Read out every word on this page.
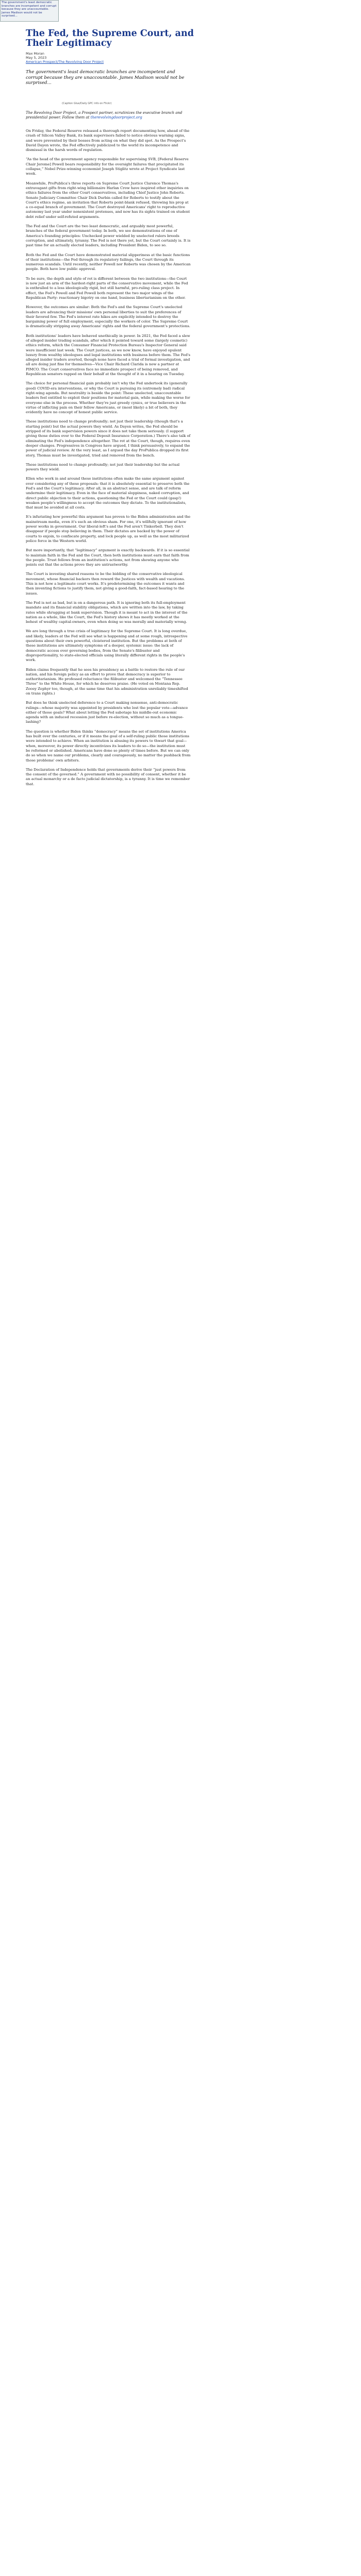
The government's least democratic branches are incompetent and corrupt because they are unaccountable. James Madison would not be surprised...
The Fed, the Supreme Court, and Their Legitimacy
Max Moran
May 5, 2023
American Prospect/The Revolving Door Project
The government's least democratic branches are incompetent and corrupt because they are unaccountable. James Madison would not be surprised...
(Caption Glue/Daily GPC info on Flickr)
The Revolving Door Project, a Prospect partner, scrutinizes the executive branch and presidential power. Follow them at therevolvingdoorproject.org

On Friday, the Federal Reserve released a thorough report documenting how, ahead of the crash of Silicon Valley Bank, its bank supervisors failed to notice obvious warning signs, and were prevented by their bosses from acting on what they did spot. As the Prospect's David Dayen wrote, the Fed effectively publicized to the world its incompetence and dismissal in the harsh words of regulation.

“As the head of the government agency responsible for supervising SVB, [Federal Reserve Chair Jerome] Powell bears responsibility for the oversight failures that precipitated its collapse,” Nobel Prize-winning economist Joseph Stiglitz wrote at Project Syndicate last week.

Meanwhile, ProPublica's three reports on Supreme Court Justice Clarence Thomas's extravagant gifts from right-wing billionaire Harlan Crow have inspired other inquiries on ethics failures from the other Court conservatives, including Chief Justice John Roberts. Senate Judiciary Committee Chair Dick Durbin called for Roberts to testify about the Court's ethics regime, an invitation that Roberts point-blank refused, throwing his prop at a co-equal branch of government. The Court destroyed Americans' right to reproductive autonomy last year under nonexistent pretenses, and now has its sights trained on student debt relief under self-refuted arguments.

The Fed and the Court are the two least democratic, and arguably most powerful, branches of the federal government today. In both, we see demonstrations of one of America's founding principles: Unchecked power wielded by unelected rulers breeds corruption, and ultimately, tyranny. The Fed is not there yet, but the Court certainly is. It is past time for an actually elected leaders, including President Biden, to see so.

Both the Fed and the Court have demonstrated material slipperiness at the basic functions of their institutions—the Fed through its regulatory failings, the Court through its numerous scandals. Until recently, neither Powell nor Roberts was chosen by the American people. Both have low public approval.

To be sure, the depth and style of rot is different between the two institutions—the Court is now just an arm of the hardest-right parts of the conservative movement, while the Fed is enthralled to a less ideologically rigid, but still harmful, pro-ruling class project. In effect, the Fed's Powell and Fed Powell both represent the two major wings of the Republican Party: reactionary bigotry on one hand, business libertarianism on the other.

However, the outcomes are similar: Both the Fed's and the Supreme Court's unelected leaders are advancing their missions' own personal liberties to suit the preferences of their favored few. The Fed's interest rate hikes are explicitly intended to destroy the bargaining power of full employment, especially the workers of color. The Supreme Court is dramatically stripping away Americans' rights and the federal government's protections.

Both institutions' leaders have behaved unethically in power. In 2021, the Fed faced a slew of alleged insider trading scandals, after which it pointed toward some (largely cosmetic) ethics reform, which the Consumer Financial Protection Bureau's Inspector General said were insufficient last week. The Court justices, as we now know, have enjoyed opulent luxury from wealthy ideologues and legal institutions with business before them. The Fed's alleged insider traders averted, though none have faced a trial of formal investigation, and all are doing just fine for themselves—Vice Chair Richard Clarida is now a partner at PIMCO. The Court conservatives face no immediate prospect of being removed, and Republican senators rapped on their behalf at the thought of it in a hearing on Tuesday.

The choice for personal financial gain probably isn't why the Fed undertook its (generally good) COVID-era interventions, or why the Court is pursuing its (extremely bad) radical right-wing agenda. But neutrality is beside the point: These unelected, unaccountable leaders feel entitled to exploit their positions for material gain, while making the worse for everyone else in the process. Whether they're just greedy cynics, or true believers in the virtue of inflicting pain on their fellow Americans, or (most likely) a bit of both, they evidently have no concept of honest public service.

These institutions need to change profoundly; not just their leadership (though that's a starting point) but the actual powers they wield. As Dayen writes, the Fed should be stripped of its bank supervision powers since it does not take them seriously. (I support giving those duties over to the Federal Deposit Insurance Corporation.) There's also talk of eliminating the Fed's independence altogether. The rot at the Court, though, requires even deeper changes. Progressives in Congress have argued, I think persuasively, to expand the power of judicial review. At the very least, as I argued the day ProPublica dropped its first story, Thomas must be investigated, tried and removed from the bench.

These institutions need to change profoundly; not just their leadership but the actual powers they wield.

Ellen who work in and around these institutions often make the same argument against ever considering any of these proposals: that it is absolutely essential to preserve both the Fed's and the Court's legitimacy. After all, in an abstract sense, and are talk of reform undermine their legitimacy. Even in the face of material sloppiness, naked corruption, and direct public objection to their actions, questioning the Fed or the Court could (gasp!) weaken people's willingness to accept the outcomes they dictate. To the institutionalists, that must be avoided at all costs.

It's infuriating how powerful this argument has proven to the Biden administration and the mainstream media, even it's such an obvious sham. For one, it's willfully ignorant of how power works in government. Our liberal-left's and the Fed aren't Tinkerbell. They don't disappear if people stop believing in them. Their dictates are backed by the power of courts to enjoin, to confiscate property, and lock people up, as well as the most militarized police force in the Western world.

But more importantly, that “legitimacy” argument is exactly backwards. If it is so essential to maintain faith in the Fed and the Court, then both institutions must earn that faith from the people. Trust follows from an institution's actions, not from showing anyone who points out that the actions prove they are untrustworthy.

The Court is investing shared reasons to be the bidding of the conservative ideological movement, whose financial backers then reward the Justices with wealth and vacations. This is not how a legitimate court works. It's predetermining the outcomes it wants and then inventing fictions to justify them, not giving a good-faith, fact-based hearing to the issues.

The Fed is not as bad, but is on a dangerous path. It is ignoring both its full-employment mandate and its financial stability obligations, which are written into the law, by taking rates while shrugging at bank supervision. Though it is meant to act in the interest of the nation as a whole, like the Court, the Fed's history shows it has mostly worked at the behest of wealthy capital-owners, even when doing so was morally and materially wrong.

We are long through a true crisis of legitimacy for the Supreme Court. It is long overdue, and likely, leaders at the Fed will see what is happening and at some rough, introspective questions about their own powerful, cloistered institution. But the problems at both of these institutions are ultimately symptoms of a deeper, systemic issue: the lack of democratic access over governing bodies, from the Senate's filibuster and disproportionality, to state-elected officials using literally different rights in the people's work.

Biden claims frequently that he sees his presidency as a battle to restore the rule of our nation, and his foreign policy as an effort to prove that democracy is superior to authoritarianism. He professed reluctance the filibuster and welcomed the “Tennessee Three” to the White House, for which he deserves praise. (He voted on Montana Rep. Zooey Zephyr too, though, at the same time that his administration unreliably timeshifted on trans rights.)

But does he think unelected deference to a Court making nonsense, anti-democratic rulings—whose majority was appointed by presidents who lost the popular vote—advance either of those goals? What about letting the Fed sabotage his middle-out economic agenda with an induced recession just before re-election, without so much as a tongue-lashing?

The question is whether Biden thinks “democracy” means the set of institutions America has built over the centuries, or if it means the goal of a self-ruling public those institutions were intended to achieve. When an institution is abusing its powers to thwart that goal—when, moreover, its power directly incentivizes its leaders to do so—the institution must be reformed or abolished. Americans have done so plenty of times before. But we can only do so when we name our problems, clearly and courageously, no matter the pushback from those problems' own arbiters.

The Declaration of Independence holds that governments derive their “just powers from the consent of the governed.” A government with no possibility of consent, whether it be an actual monarchy or a de facto judicial dictatorship, is a tyranny. It is time we remember that.
